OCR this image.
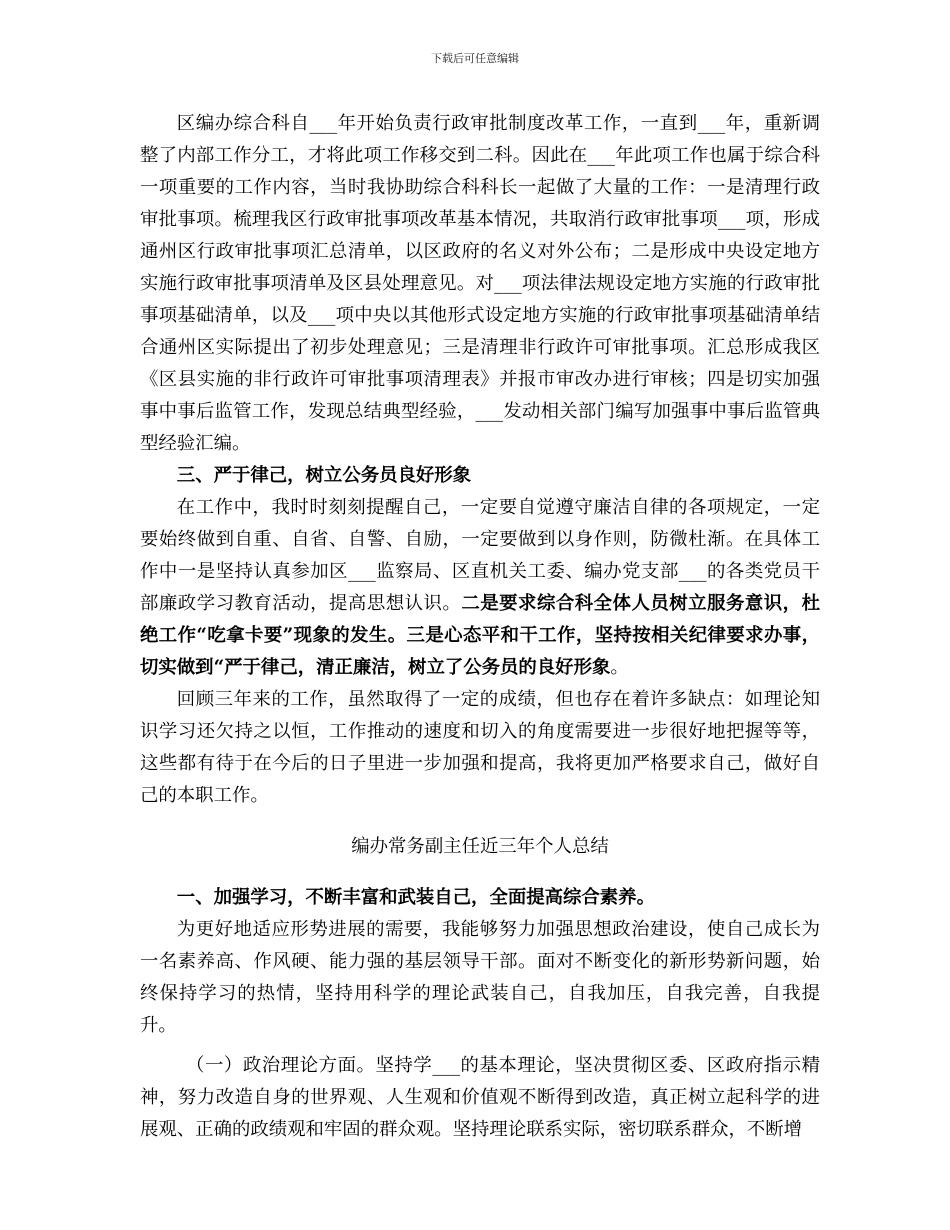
下载后可任意编辑

区编办综合科自___年开始负责行政审批制度改革工作，一直到___年，重新调整了内部工作分工，才将此项工作移交到二科。因此在___年此项工作也属于综合科一项重要的工作内容，当时我协助综合科科长一起做了大量的工作：一是清理行政审批事项。梳理我区行政审批事项改革基本情况，共取消行政审批事项___项，形成通州区行政审批事项汇总清单，以区政府的名义对外公布；二是形成中央设定地方实施行政审批事项清单及区县处理意见。对___项法律法规设定地方实施的行政审批事项基础清单，以及___项中央以其他形式设定地方实施的行政审批事项基础清单结合通州区实际提出了初步处理意见；三是清理非行政许可审批事项。汇总形成我区《区县实施的非行政许可审批事项清理表》并报市审改办进行审核；四是切实加强事中事后监管工作，发现总结典型经验，___发动相关部门编写加强事中事后监管典型经验汇编。

三、严于律己，树立公务员良好形象

在工作中，我时时刻刻提醒自己，一定要自觉遵守廉洁自律的各项规定，一定要始终做到自重、自省、自警、自励，一定要做到以身作则，防微杜渐。在具体工作中一是坚持认真参加区___监察局、区直机关工委、编办党支部___的各类党员干部廉政学习教育活动，提高思想认识。二是要求综合科全体人员树立服务意识，杜绝工作“吃拿卡要”现象的发生。三是心态平和干工作，坚持按相关纪律要求办事，切实做到“严于律己，清正廉洁，树立了公务员的良好形象。

回顾三年来的工作，虽然取得了一定的成绩，但也存在着许多缺点：如理论知识学习还欠持之以恒，工作推动的速度和切入的角度需要进一步很好地把握等等，这些都有待于在今后的日子里进一步加强和提高，我将更加严格要求自己，做好自己的本职工作。

编办常务副主任近三年个人总结

一、加强学习，不断丰富和武装自己，全面提高综合素养。

为更好地适应形势进展的需要，我能够努力加强思想政治建设，使自己成长为一名素养高、作风硬、能力强的基层领导干部。面对不断变化的新形势新问题，始终保持学习的热情，坚持用科学的理论武装自己，自我加压，自我完善，自我提升。

（一）政治理论方面。坚持学___的基本理论，坚决贯彻区委、区政府指示精神，努力改造自身的世界观、人生观和价值观不断得到改造，真正树立起科学的进展观、正确的政绩观和牢固的群众观。坚持理论联系实际，密切联系群众，不断增
